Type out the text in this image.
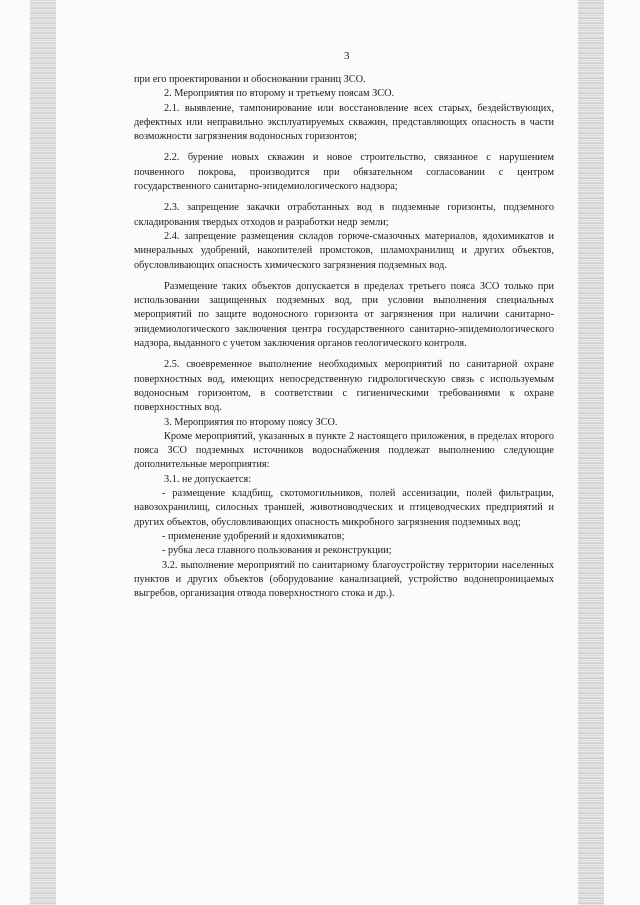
3

при его проектировании и обосновании границ ЗСО.

2. Мероприятия по второму и третьему поясам ЗСО.

2.1. выявление, тампонирование или восстановление всех старых, бездействующих, дефектных или неправильно эксплуатируемых скважин, представляющих опасность в части возможности загрязнения водоносных горизонтов;

2.2. бурение новых скважин и новое строительство, связанное с нарушением почвенного покрова, производится при обязательном согласовании с центром государственного санитарно-эпидемиологического надзора;

2.3. запрещение закачки отработанных вод в подземные горизонты, подземного складирования твердых отходов и разработки недр земли;

2.4. запрещение размещения складов горюче-смазочных материалов, ядохимикатов и минеральных удобрений, накопителей промстоков, шламохранилищ и других объектов, обусловливающих опасность химического загрязнения подземных вод.

Размещение таких объектов допускается в пределах третьего пояса ЗСО только при использовании защищенных подземных вод, при условии выполнения специальных мероприятий по защите водоносного горизонта от загрязнения при наличии санитарно-эпидемиологического заключения центра государственного санитарно-эпидемиологического надзора, выданного с учетом заключения органов геологического контроля.

2.5. своевременное выполнение необходимых мероприятий по санитарной охране поверхностных вод, имеющих непосредственную гидрологическую связь с используемым водоносным горизонтом, в соответствии с гигиеническими требованиями к охране поверхностных вод.

3. Мероприятия по второму поясу ЗСО.

Кроме мероприятий, указанных в пункте 2 настоящего приложения, в пределах второго пояса ЗСО подземных источников водоснабжения подлежат выполнению следующие дополнительные мероприятия:

3.1. не допускается:

- размещение кладбищ, скотомогильников, полей ассенизации, полей фильтрации, навозохранилищ, силосных траншей, животноводческих и птицеводческих предприятий и других объектов, обусловливающих опасность микробного загрязнения подземных вод;

- применение удобрений и ядохимикатов;

- рубка леса главного пользования и реконструкции;

3.2. выполнение мероприятий по санитарному благоустройству территории населенных пунктов и других объектов (оборудование канализацией, устройство водонепроницаемых выгребов, организация отвода поверхностного стока и др.).
